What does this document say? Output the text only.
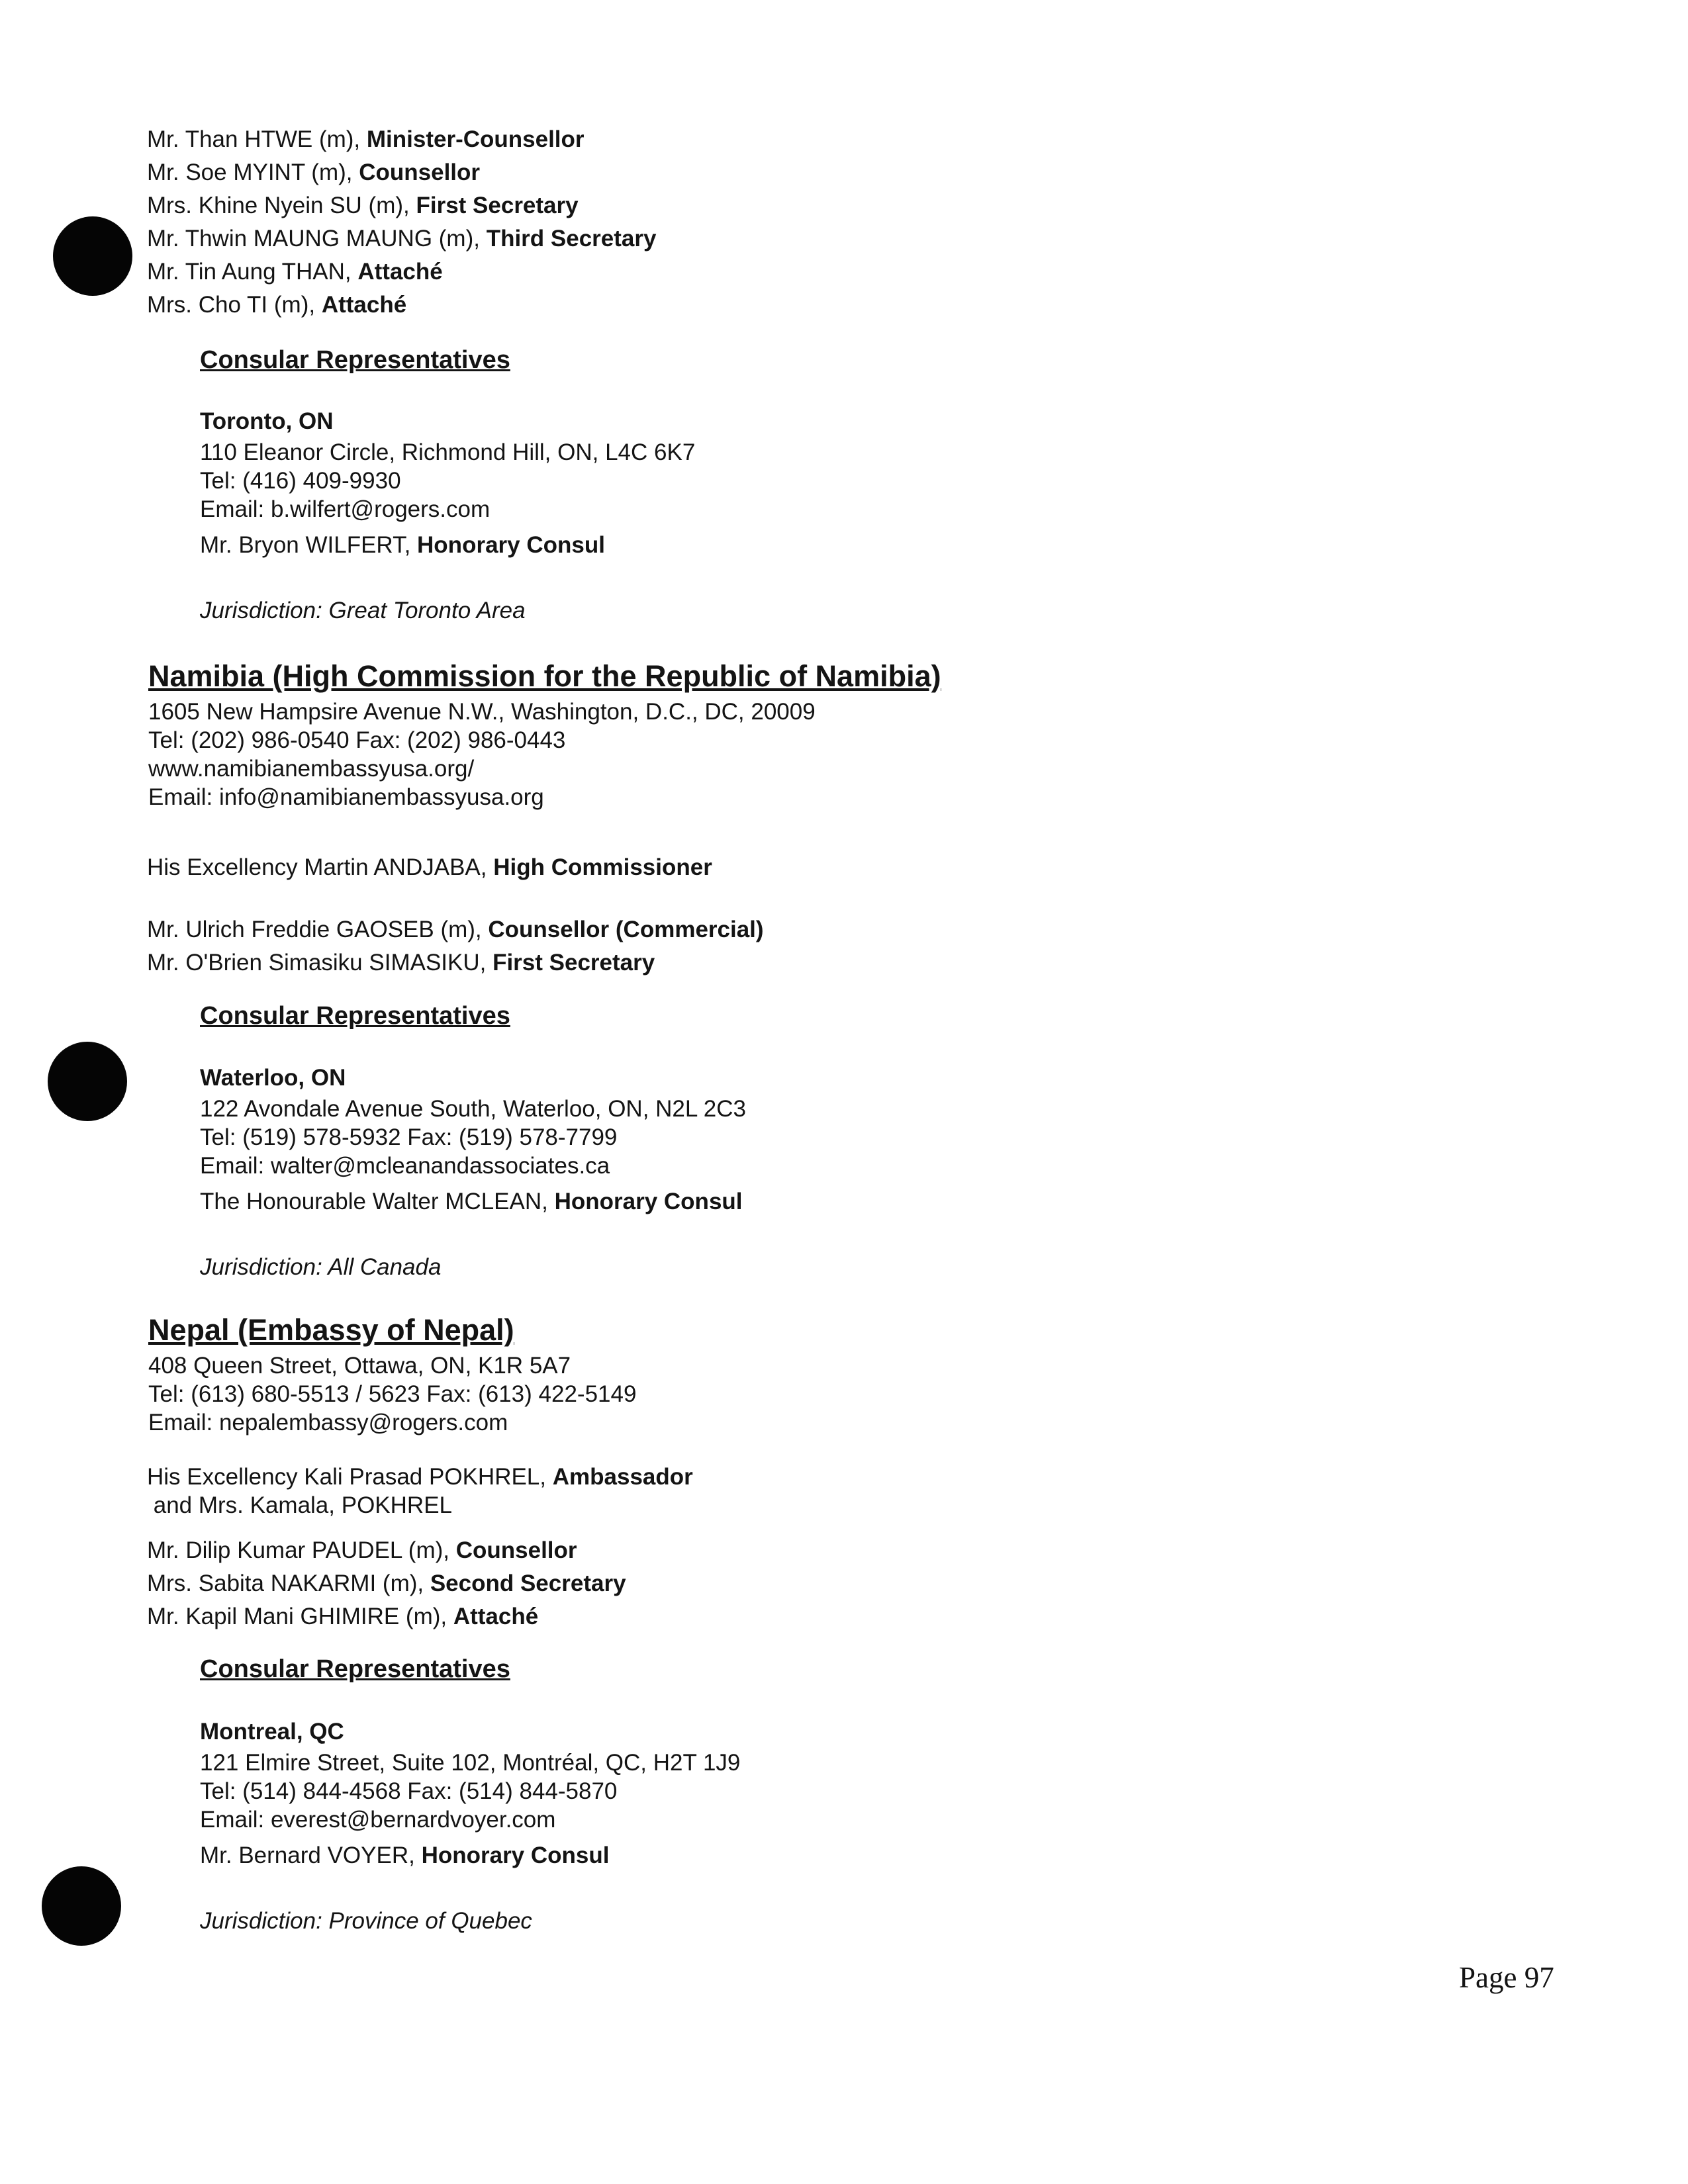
Mr. Than HTWE (m), Minister-Counsellor
Mr. Soe MYINT (m), Counsellor
Mrs. Khine Nyein SU (m), First Secretary
Mr. Thwin MAUNG MAUNG (m), Third Secretary
Mr. Tin Aung THAN, Attaché
Mrs. Cho TI (m), Attaché
Consular Representatives
Toronto, ON
110 Eleanor Circle, Richmond Hill, ON, L4C 6K7
Tel: (416) 409-9930
Email: b.wilfert@rogers.com
Mr. Bryon WILFERT, Honorary Consul
Jurisdiction: Great Toronto Area
Namibia (High Commission for the Republic of Namibia)
1605 New Hampsire Avenue N.W., Washington, D.C., DC, 20009
Tel: (202) 986-0540 Fax: (202) 986-0443
www.namibianembassyusa.org/
Email: info@namibianembassyusa.org
His Excellency Martin ANDJABA, High Commissioner
Mr. Ulrich Freddie GAOSEB (m), Counsellor (Commercial)
Mr. O'Brien Simasiku SIMASIKU, First Secretary
Consular Representatives
Waterloo, ON
122 Avondale Avenue South, Waterloo, ON, N2L 2C3
Tel: (519) 578-5932 Fax: (519) 578-7799
Email: walter@mcleanandassociates.ca
The Honourable Walter MCLEAN, Honorary Consul
Jurisdiction: All Canada
Nepal (Embassy of Nepal)
408 Queen Street, Ottawa, ON, K1R 5A7
Tel: (613) 680-5513 / 5623 Fax: (613) 422-5149
Email: nepalembassy@rogers.com
His Excellency Kali Prasad POKHREL, Ambassador
and Mrs. Kamala, POKHREL
Mr. Dilip Kumar PAUDEL (m), Counsellor
Mrs. Sabita NAKARMI (m), Second Secretary
Mr. Kapil Mani GHIMIRE (m), Attaché
Consular Representatives
Montreal, QC
121 Elmire Street, Suite 102, Montréal, QC, H2T 1J9
Tel: (514) 844-4568 Fax: (514) 844-5870
Email: everest@bernardvoyer.com
Mr. Bernard VOYER, Honorary Consul
Jurisdiction: Province of Quebec
Page 97
